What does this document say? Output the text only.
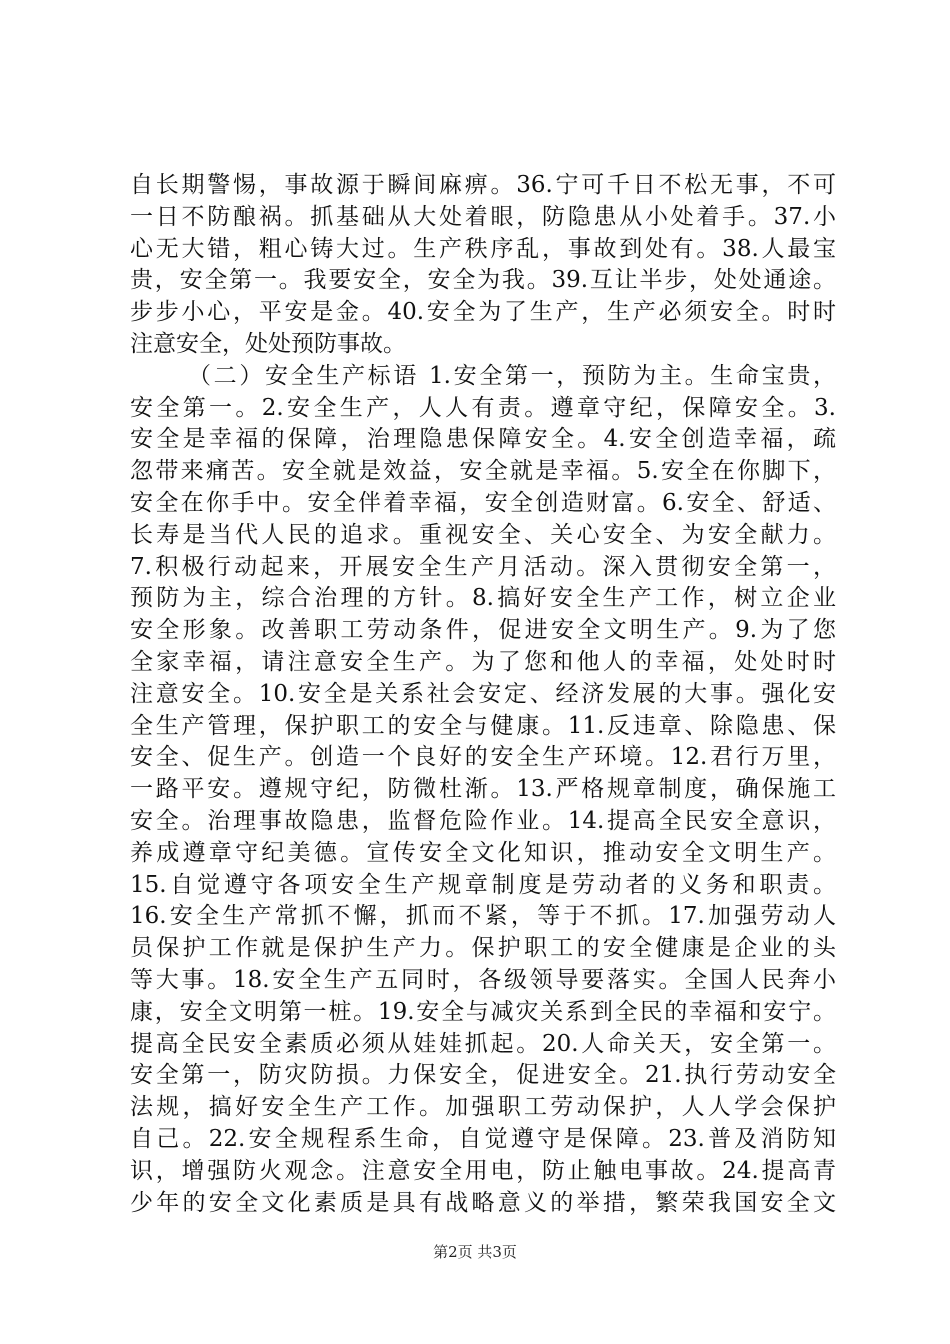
自长期警惕，事故源于瞬间麻痹。36.宁可千日不松无事，不可
一日不防酿祸。抓基础从大处着眼，防隐患从小处着手。37.小
心无大错，粗心铸大过。生产秩序乱，事故到处有。38.人最宝
贵，安全第一。我要安全，安全为我。39.互让半步，处处通途。
步步小心，平安是金。40.安全为了生产，生产必须安全。时时
注意安全，处处预防事故。
（二）安全生产标语 1.安全第一，预防为主。生命宝贵，
安全第一。2.安全生产，人人有责。遵章守纪，保障安全。3.
安全是幸福的保障，治理隐患保障安全。4.安全创造幸福，疏
忽带来痛苦。安全就是效益，安全就是幸福。5.安全在你脚下，
安全在你手中。安全伴着幸福，安全创造财富。6.安全、舒适、
长寿是当代人民的追求。重视安全、关心安全、为安全献力。
7.积极行动起来，开展安全生产月活动。深入贯彻安全第一，
预防为主，综合治理的方针。8.搞好安全生产工作，树立企业
安全形象。改善职工劳动条件，促进安全文明生产。9.为了您
全家幸福，请注意安全生产。为了您和他人的幸福，处处时时
注意安全。10.安全是关系社会安定、经济发展的大事。强化安
全生产管理，保护职工的安全与健康。11.反违章、除隐患、保
安全、促生产。创造一个良好的安全生产环境。12.君行万里，
一路平安。遵规守纪，防微杜渐。13.严格规章制度，确保施工
安全。治理事故隐患，监督危险作业。14.提高全民安全意识，
养成遵章守纪美德。宣传安全文化知识，推动安全文明生产。
15.自觉遵守各项安全生产规章制度是劳动者的义务和职责。
16.安全生产常抓不懈，抓而不紧，等于不抓。17.加强劳动人
员保护工作就是保护生产力。保护职工的安全健康是企业的头
等大事。18.安全生产五同时，各级领导要落实。全国人民奔小
康，安全文明第一桩。19.安全与减灾关系到全民的幸福和安宁。
提高全民安全素质必须从娃娃抓起。20.人命关天，安全第一。
安全第一，防灾防损。力保安全，促进安全。21.执行劳动安全
法规，搞好安全生产工作。加强职工劳动保护，人人学会保护
自己。22.安全规程系生命，自觉遵守是保障。23.普及消防知
识，增强防火观念。注意安全用电，防止触电事故。24.提高青
少年的安全文化素质是具有战略意义的举措，繁荣我国安全文
第2页 共3页
